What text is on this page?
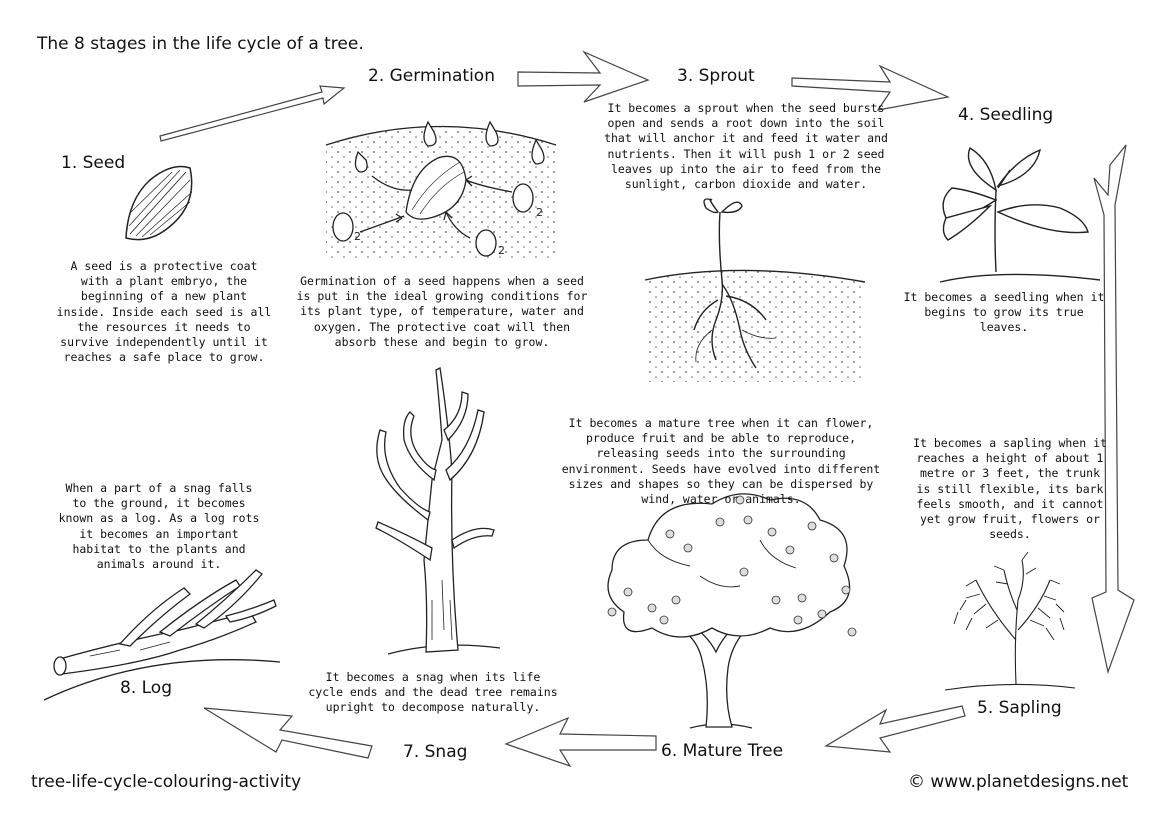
2
2
2
The 8 stages in the life cycle of a tree.
1. Seed

A seed is a protective coat with a plant embryo, the beginning of a new plant inside. Inside each seed is all the resources it needs to survive independently until it reaches a safe place to grow.

2. Germination

Germination of a seed happens when a seed is put in the ideal growing conditions for its plant type, of temperature, water and oxygen. The protective coat will then absorb these and begin to grow.

3. Sprout

It becomes a sprout when the seed bursts open and sends a root down into the soil that will anchor it and feed it water and nutrients. Then it will push 1 or 2 seed leaves up into the air to feed from the sunlight, carbon dioxide and water.

4. Seedling

It becomes a seedling when it begins to grow its true leaves.

5. Sapling

It becomes a sapling when it reaches a height of about 1 metre or 3 feet, the trunk is still flexible, its bark feels smooth, and it cannot yet grow fruit, flowers or seeds.

6. Mature Tree

It becomes a mature tree when it can flower, produce fruit and be able to reproduce, releasing seeds into the surrounding environment. Seeds have evolved into different sizes and shapes so they can be dispersed by wind, water or animals.

7. Snag

It becomes a snag when its life cycle ends and the dead tree remains upright to decompose naturally.

8. Log

When a part of a snag falls to the ground, it becomes known as a log. As a log rots it becomes an important habitat to the plants and animals around it.

tree-life-cycle-colouring-activity	© www.planetdesigns.net
